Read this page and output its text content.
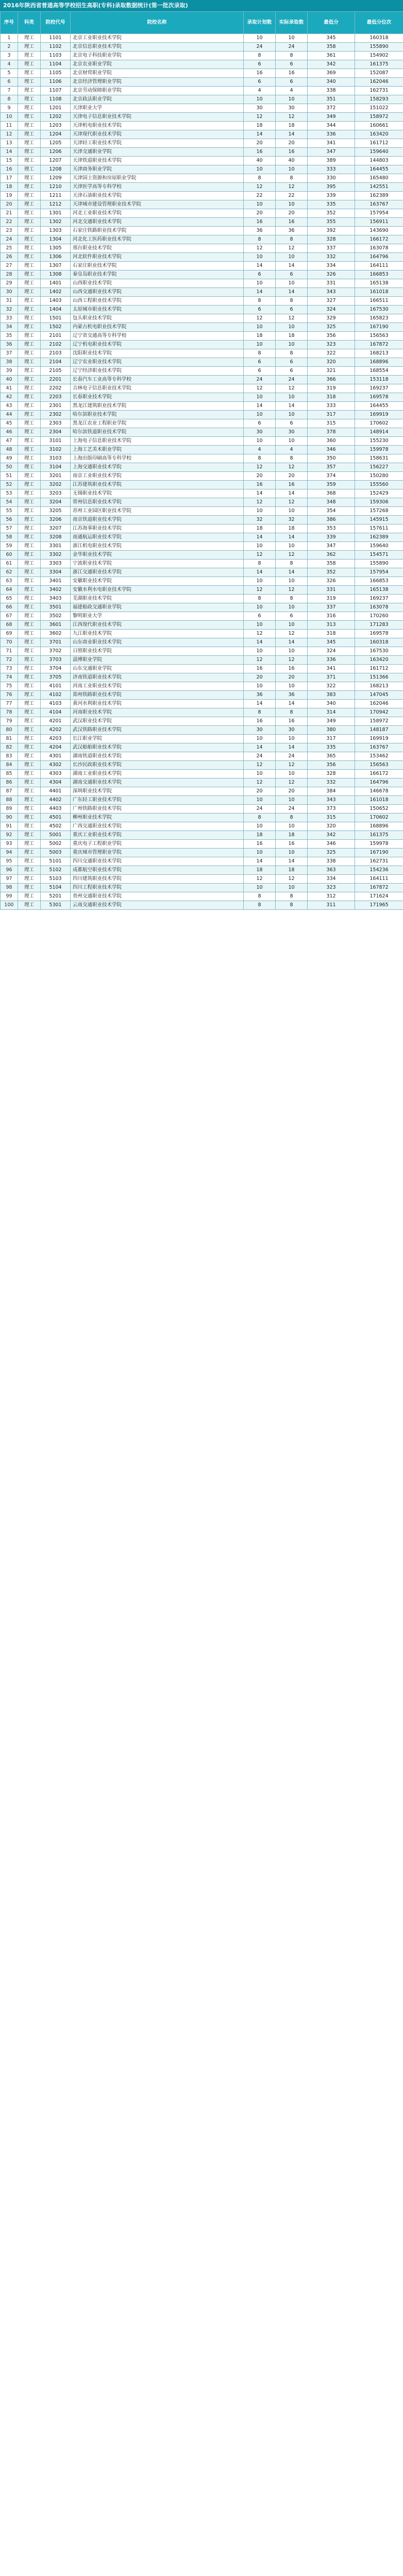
2016年陕西省普通高等学校招生高职(专科)录取数据统计(第一批次录取)
序号	科类	院校代号	院校名称	录取计划数	实际录取数	最低分	最低分位次
1	理工	1101	北京工业职业技术学院	10	10	345	160318
2	理工	1102	北京信息职业技术学院	24	24	358	155890
3	理工	1103	北京电子科技职业学院	8	8	361	154902
4	理工	1104	北京农业职业学院	6	6	342	161375
5	理工	1105	北京财贸职业学院	16	16	369	152087
6	理工	1106	北京经济管理职业学院	6	6	340	162046
7	理工	1107	北京劳动保障职业学院	4	4	338	162731
8	理工	1108	北京政法职业学院	10	10	351	158293
9	理工	1201	天津职业大学	30	30	372	151022
10	理工	1202	天津电子信息职业技术学院	12	12	349	158972
11	理工	1203	天津机电职业技术学院	18	18	344	160661
12	理工	1204	天津现代职业技术学院	14	14	336	163420
13	理工	1205	天津轻工职业技术学院	20	20	341	161712
14	理工	1206	天津交通职业学院	16	16	347	159640
15	理工	1207	天津铁道职业技术学院	40	40	389	144803
16	理工	1208	天津商务职业学院	10	10	333	164455
17	理工	1209	天津国土资源和房屋职业学院	8	8	330	165480
18	理工	1210	天津医学高等专科学校	12	12	395	142551
19	理工	1211	天津石油职业技术学院	22	22	339	162389
20	理工	1212	天津城市建设管理职业技术学院	10	10	335	163767
21	理工	1301	河北工业职业技术学院	20	20	352	157954
22	理工	1302	河北交通职业技术学院	16	16	355	156911
23	理工	1303	石家庄铁路职业技术学院	36	36	392	143690
24	理工	1304	河北化工医药职业技术学院	8	8	328	166172
25	理工	1305	邢台职业技术学院	12	12	337	163078
26	理工	1306	河北软件职业技术学院	10	10	332	164796
27	理工	1307	石家庄职业技术学院	14	14	334	164111
28	理工	1308	秦皇岛职业技术学院	6	6	326	166853
29	理工	1401	山西职业技术学院	10	10	331	165138
30	理工	1402	山西交通职业技术学院	14	14	343	161018
31	理工	1403	山西工程职业技术学院	8	8	327	166511
32	理工	1404	太原城市职业技术学院	6	6	324	167530
33	理工	1501	包头职业技术学院	12	12	329	165823
34	理工	1502	内蒙古机电职业技术学院	10	10	325	167190
35	理工	2101	辽宁省交通高等专科学校	18	18	356	156563
36	理工	2102	辽宁机电职业技术学院	10	10	323	167872
37	理工	2103	沈阳职业技术学院	8	8	322	168213
38	理工	2104	辽宁农业职业技术学院	6	6	320	168896
39	理工	2105	辽宁经济职业技术学院	6	6	321	168554
40	理工	2201	长春汽车工业高等专科学校	24	24	366	153118
41	理工	2202	吉林电子信息职业技术学院	12	12	319	169237
42	理工	2203	长春职业技术学院	10	10	318	169578
43	理工	2301	黑龙江建筑职业技术学院	14	14	333	164455
44	理工	2302	哈尔滨职业技术学院	10	10	317	169919
45	理工	2303	黑龙江农业工程职业学院	6	6	315	170602
46	理工	2304	哈尔滨铁道职业技术学院	30	30	378	148914
47	理工	3101	上海电子信息职业技术学院	10	10	360	155230
48	理工	3102	上海工艺美术职业学院	4	4	346	159978
49	理工	3103	上海出版印刷高等专科学校	8	8	350	158631
50	理工	3104	上海交通职业技术学院	12	12	357	156227
51	理工	3201	南京工业职业技术学院	20	20	374	150280
52	理工	3202	江苏建筑职业技术学院	16	16	359	155560
53	理工	3203	无锡职业技术学院	14	14	368	152429
54	理工	3204	常州信息职业技术学院	12	12	348	159306
55	理工	3205	苏州工业园区职业技术学院	10	10	354	157268
56	理工	3206	南京铁道职业技术学院	32	32	386	145915
57	理工	3207	江苏海事职业技术学院	18	18	353	157611
58	理工	3208	南通航运职业技术学院	14	14	339	162389
59	理工	3301	浙江机电职业技术学院	10	10	347	159640
60	理工	3302	金华职业技术学院	12	12	362	154571
61	理工	3303	宁波职业技术学院	8	8	358	155890
62	理工	3304	浙江交通职业技术学院	14	14	352	157954
63	理工	3401	安徽职业技术学院	10	10	326	166853
64	理工	3402	安徽水利水电职业技术学院	12	12	331	165138
65	理工	3403	芜湖职业技术学院	8	8	319	169237
66	理工	3501	福建船政交通职业学院	10	10	337	163078
67	理工	3502	黎明职业大学	6	6	316	170260
68	理工	3601	江西现代职业技术学院	10	10	313	171283
69	理工	3602	九江职业技术学院	12	12	318	169578
70	理工	3701	山东商业职业技术学院	14	14	345	160318
71	理工	3702	日照职业技术学院	10	10	324	167530
72	理工	3703	淄博职业学院	12	12	336	163420
73	理工	3704	山东交通职业学院	16	16	341	161712
74	理工	3705	济南铁道职业技术学院	20	20	371	151366
75	理工	4101	河南工业职业技术学院	10	10	322	168213
76	理工	4102	郑州铁路职业技术学院	36	36	383	147045
77	理工	4103	黄河水利职业技术学院	14	14	340	162046
78	理工	4104	河南职业技术学院	8	8	314	170942
79	理工	4201	武汉职业技术学院	16	16	349	158972
80	理工	4202	武汉铁路职业技术学院	30	30	380	148187
81	理工	4203	长江职业学院	10	10	317	169919
82	理工	4204	武汉船舶职业技术学院	14	14	335	163767
83	理工	4301	湖南铁道职业技术学院	24	24	365	153462
84	理工	4302	长沙民政职业技术学院	12	12	356	156563
85	理工	4303	湖南工业职业技术学院	10	10	328	166172
86	理工	4304	湖南交通职业技术学院	12	12	332	164796
87	理工	4401	深圳职业技术学院	20	20	384	146678
88	理工	4402	广东轻工职业技术学院	10	10	343	161018
89	理工	4403	广州铁路职业技术学院	24	24	373	150652
90	理工	4501	柳州职业技术学院	8	8	315	170602
91	理工	4502	广西交通职业技术学院	10	10	320	168896
92	理工	5001	重庆工业职业技术学院	18	18	342	161375
93	理工	5002	重庆电子工程职业学院	16	16	346	159978
94	理工	5003	重庆城市管理职业学院	10	10	325	167190
95	理工	5101	四川交通职业技术学院	14	14	338	162731
96	理工	5102	成都航空职业技术学院	18	18	363	154236
97	理工	5103	四川建筑职业技术学院	12	12	334	164111
98	理工	5104	四川工程职业技术学院	10	10	323	167872
99	理工	5201	贵州交通职业技术学院	8	8	312	171624
100	理工	5301	云南交通职业技术学院	8	8	311	171965
